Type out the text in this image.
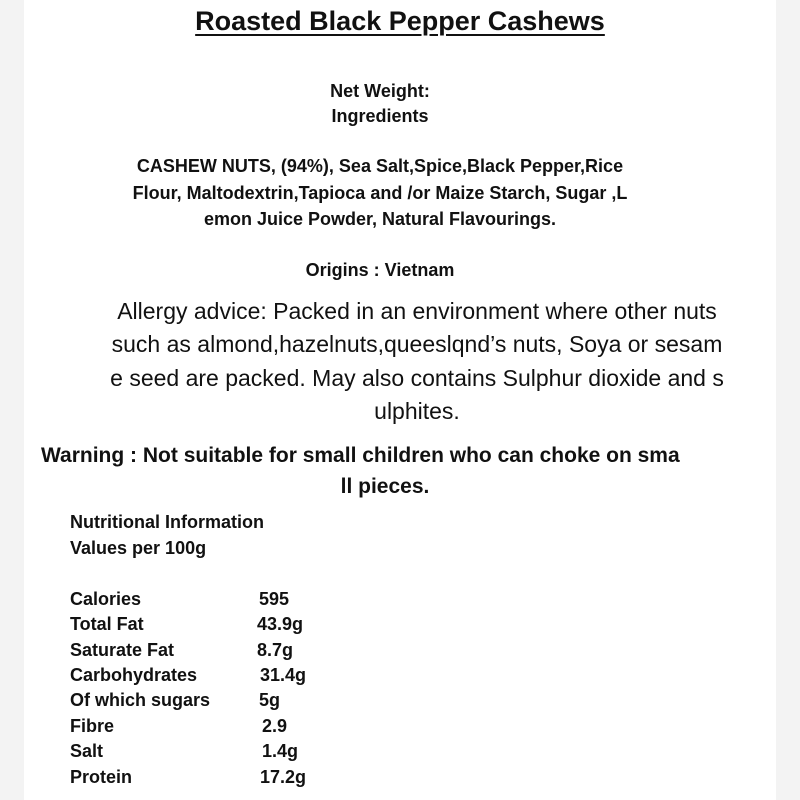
Roasted Black Pepper Cashews
Net Weight:
Ingredients
CASHEW NUTS, (94%), Sea Salt,Spice,Black Pepper,Rice
Flour, Maltodextrin,Tapioca and /or Maize Starch, Sugar ,L
emon Juice Powder, Natural Flavourings.
Origins : Vietnam
Allergy advice: Packed in an environment where other nuts
such as almond,hazelnuts,queeslqnd’s nuts, Soya or sesam
e seed are packed. May also contains Sulphur dioxide and s
ulphites.
Warning : Not suitable for small children who can choke on sma
ll pieces.
Nutritional Information
Values per 100g
Calories	595
Total Fat	43.9g
Saturate Fat	8.7g
Carbohydrates	31.4g
Of which sugars	5g
Fibre	2.9
Salt	1.4g
Protein	17.2g
